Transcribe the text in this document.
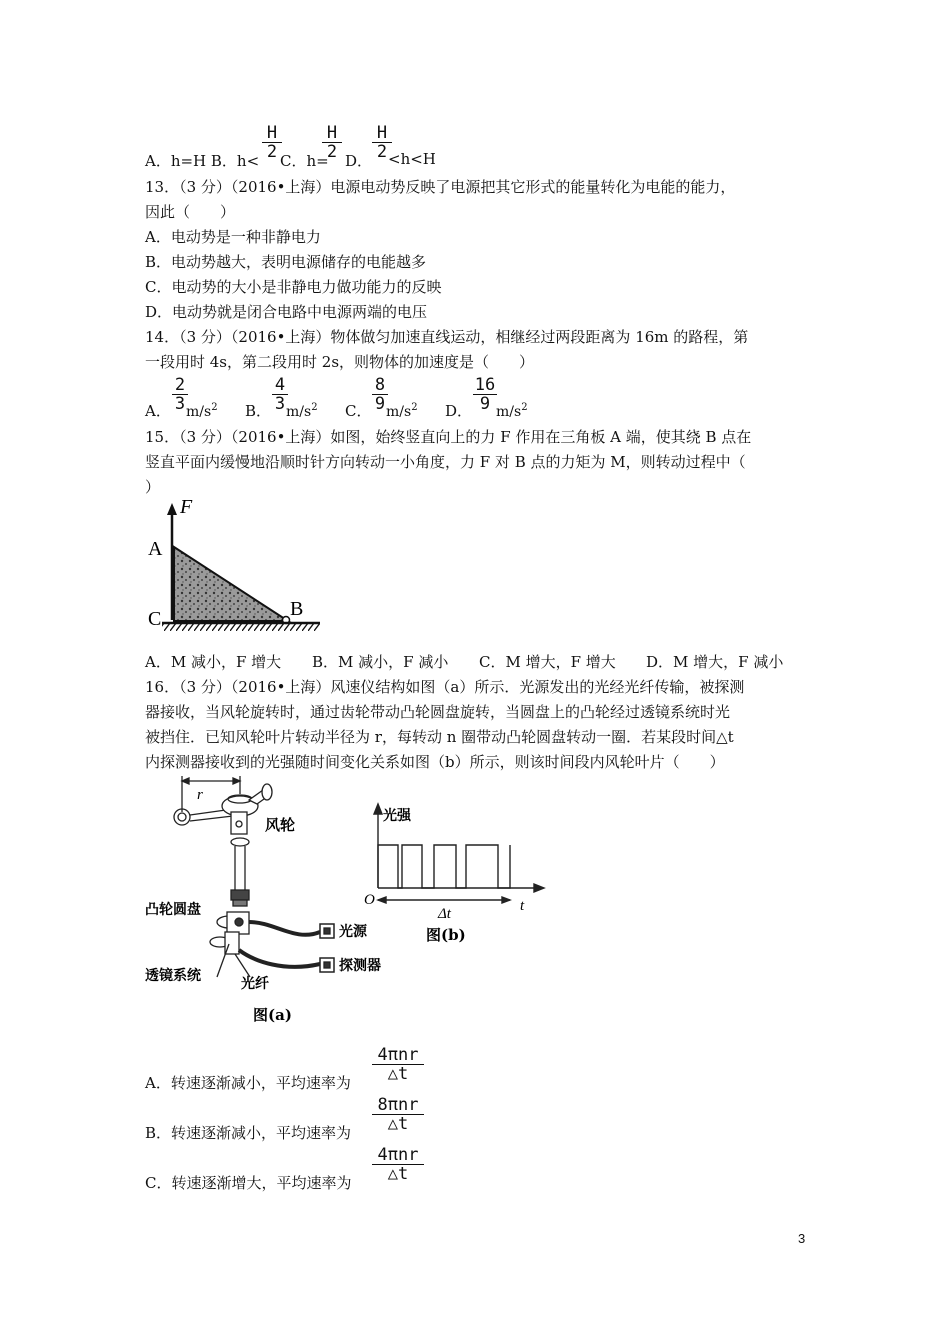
A．h=H B．h<
H
2 C．h=
H
2 D．
H
2 <h<H
13．（3 分）（2016•上海）电源电动势反映了电源把其它形式的能量转化为电能的能力，
因此（　　）
A．电动势是一种非静电力
B．电动势越大，表明电源储存的电能越多
C．电动势的大小是非静电力做功能力的反映
D．电动势就是闭合电路中电源两端的电压
14．（3 分）（2016•上海）物体做匀加速直线运动，相继经过两段距离为 16m 的路程，第
一段用时 4s，第二段用时 2s，则物体的加速度是（　　）
A．
2
3 $m/s^2$ B．
4
3 $m/s^2$ C．
8
9 $m/s^2$ D．
16
9 $m/s^2$
15．（3 分）（2016•上海）如图，始终竖直向上的力 F 作用在三角板 A 端，使其绕 B 点在
竖直平面内缓慢地沿顺时针方向转动一小角度，力 F 对 B 点的力矩为 M，则转动过程中（
）
F
A
B
C
A．M 减小，F 增大 B．M 减小，F 减小 C．M 增大，F 增大 D．M 增大，F 减小
16．（3 分）（2016•上海）风速仪结构如图（a）所示．光源发出的光经光纤传输，被探测
器接收，当风轮旋转时，通过齿轮带动凸轮圆盘旋转，当圆盘上的凸轮经过透镜系统时光
被挡住．已知风轮叶片转动半径为 r，每转动 n 圈带动凸轮圆盘转动一圈．若某段时间△t
内探测器接收到的光强随时间变化关系如图（b）所示，则该时间段内风轮叶片（　　）
r
风轮
凸轮圆盘
光源
探测器
透镜系统	光纤
图(a)
光强
O	t
Δt
图(b)
A．转速逐渐减小，平均速率为
4πnr
△t
B．转速逐渐减小，平均速率为
8πnr
△t
C．转速逐渐增大，平均速率为
4πnr
△t
3
